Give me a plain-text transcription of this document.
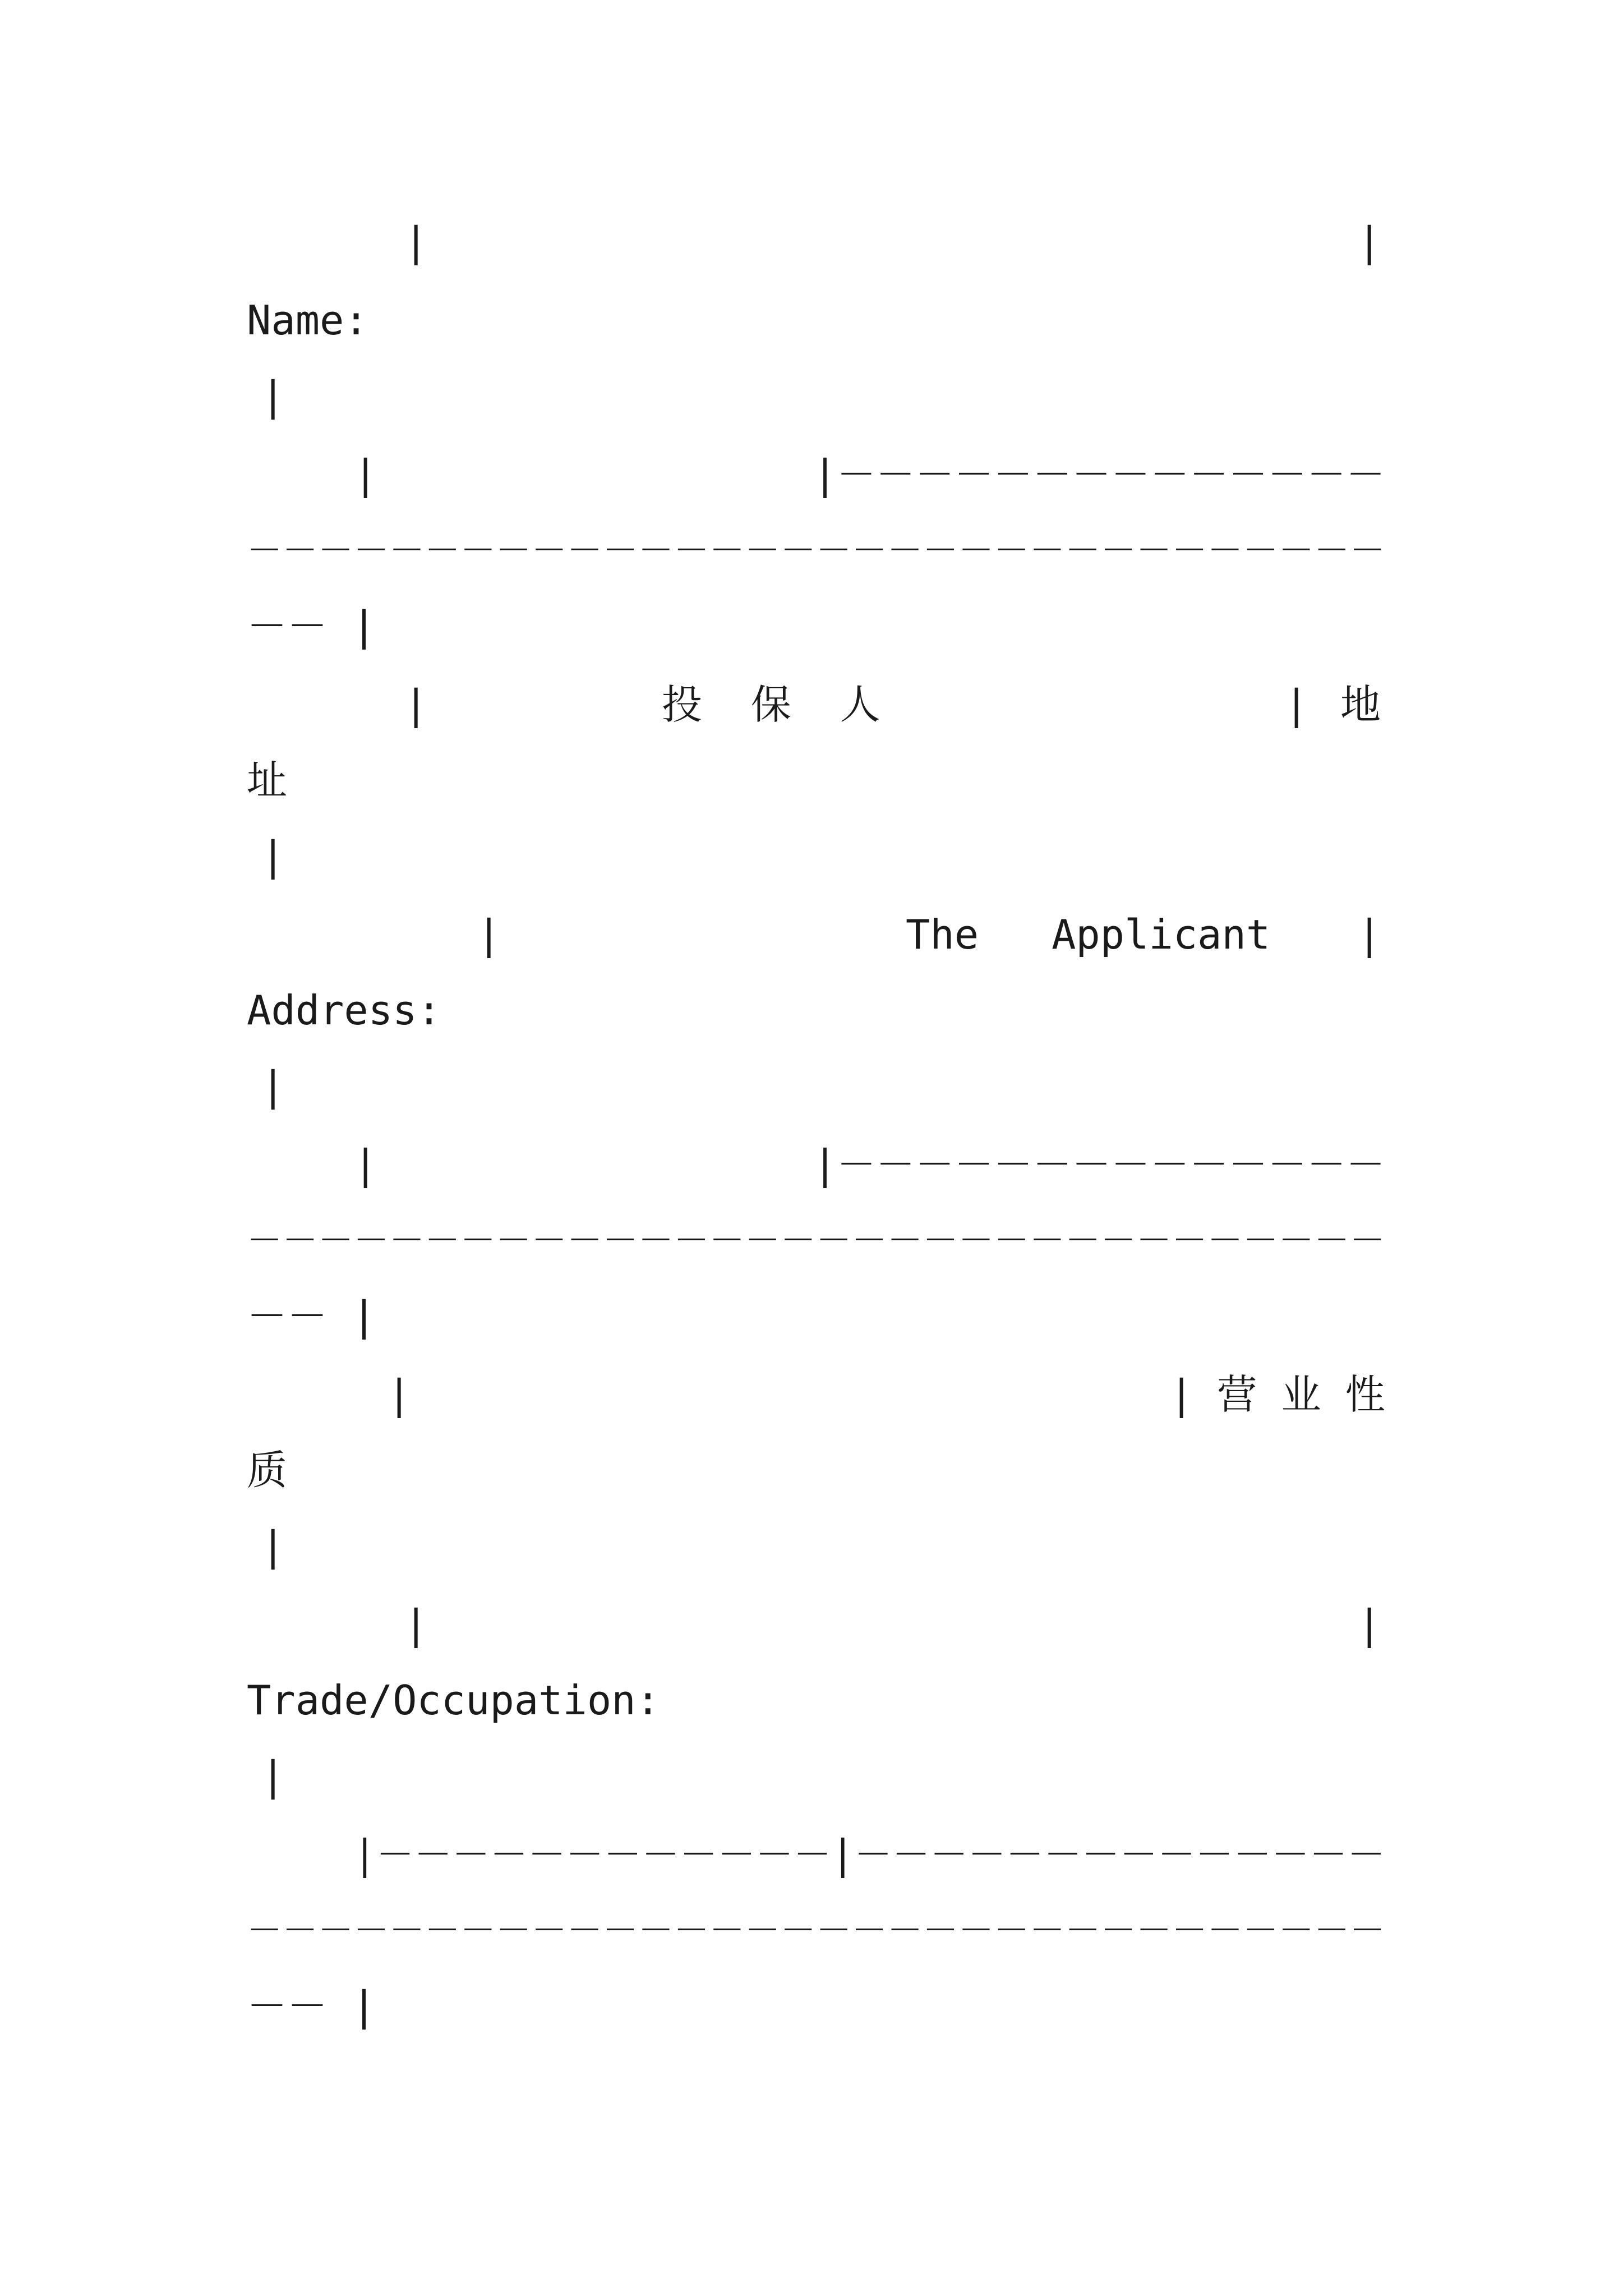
|	|
Name:
|
|	|－－－－－－－－－－－－－－
－－－－－－－－－－－－－－－－－－－－－－－－－－－－－－－－
－－ |
|	投  保  人	| 地
址
|
|	The   Applicant |
Address:
|
|	|－－－－－－－－－－－－－－
－－－－－－－－－－－－－－－－－－－－－－－－－－－－－－－－
－－ |
|	| 营 业 性
质
|
|	|
Trade/Occupation:
|
|－－－－－－－－－－－－|－－－－－－－－－－－－－－
－－－－－－－－－－－－－－－－－－－－－－－－－－－－－－－－
－－ |
